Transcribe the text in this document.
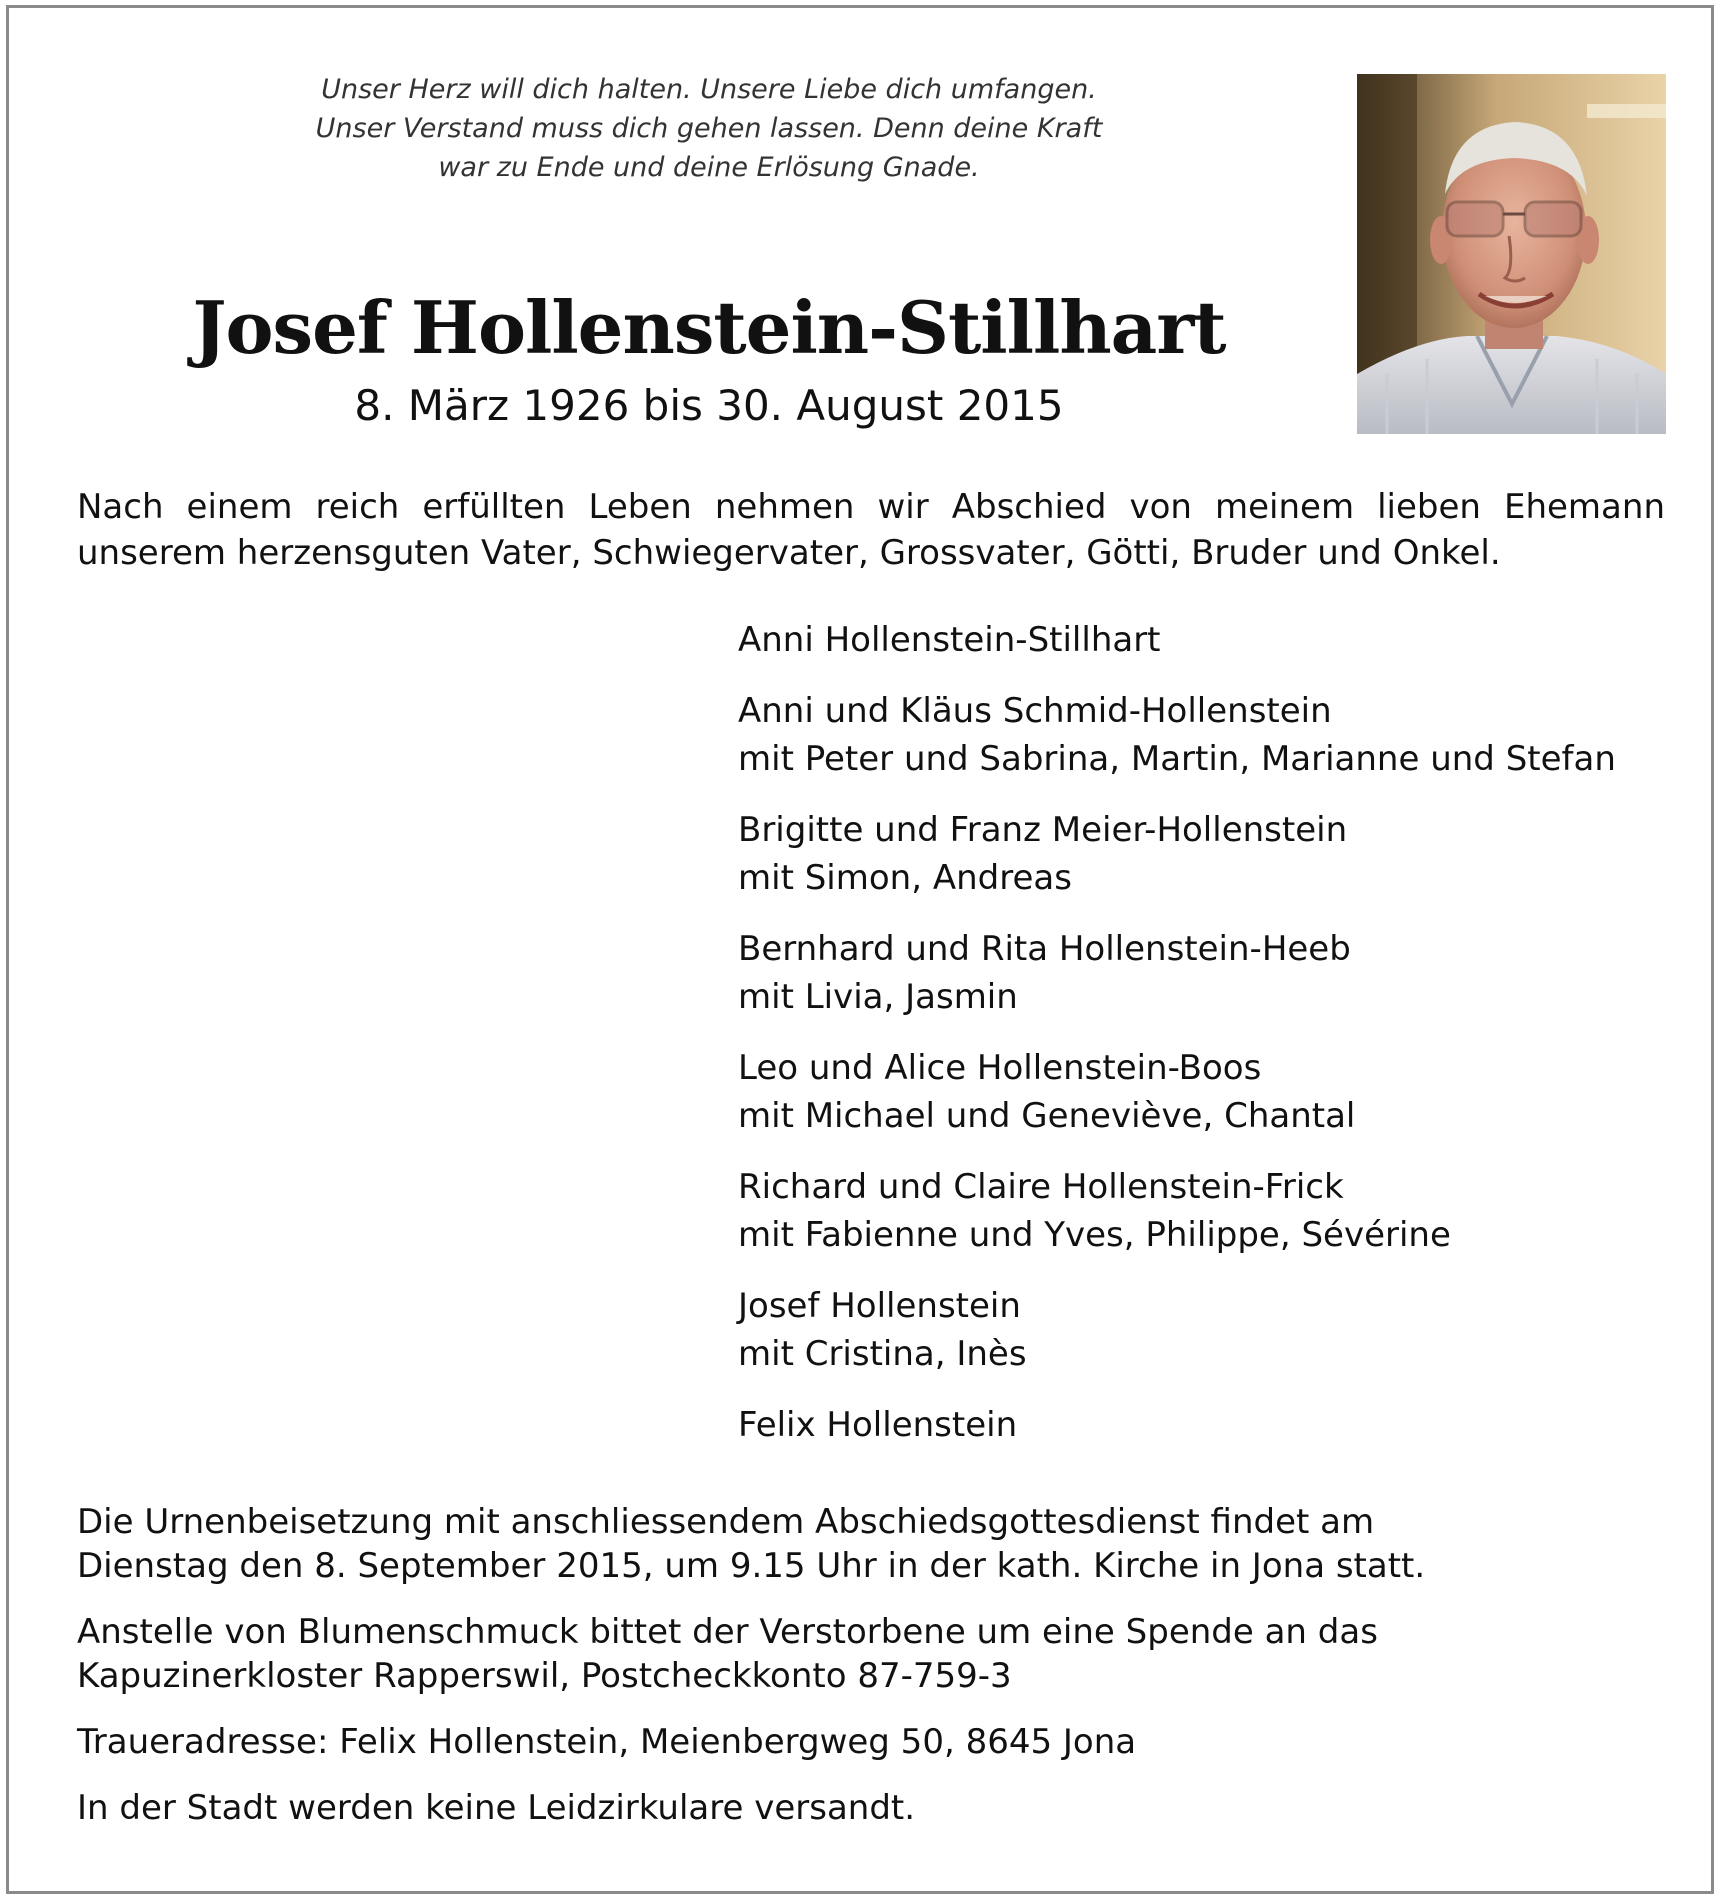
Unser Herz will dich halten. Unsere Liebe dich umfangen.
Unser Verstand muss dich gehen lassen. Denn deine Kraft
war zu Ende und deine Erlösung Gnade.
Josef Hollenstein-Stillhart
8. März 1926 bis 30. August 2015
Nach einem reich erfüllten Leben nehmen wir Abschied von meinem lieben Ehemann
unserem herzensguten Vater, Schwiegervater, Grossvater, Götti, Bruder und Onkel.
Anni Hollenstein-Stillhart
Anni und Kläus Schmid-Hollenstein
mit Peter und Sabrina, Martin, Marianne und Stefan
Brigitte und Franz Meier-Hollenstein
mit Simon, Andreas
Bernhard und Rita Hollenstein-Heeb
mit Livia, Jasmin
Leo und Alice Hollenstein-Boos
mit Michael und Geneviève, Chantal
Richard und Claire Hollenstein-Frick
mit Fabienne und Yves, Philippe, Sévérine
Josef Hollenstein
mit Cristina, Inès
Felix Hollenstein
Die Urnenbeisetzung mit anschliessendem Abschiedsgottesdienst findet am
Dienstag den 8. September 2015, um 9.15 Uhr in der kath. Kirche in Jona statt.
Anstelle von Blumenschmuck bittet der Verstorbene um eine Spende an das
Kapuzinerkloster Rapperswil, Postcheckkonto 87-759-3
Traueradresse: Felix Hollenstein, Meienbergweg 50, 8645 Jona
In der Stadt werden keine Leidzirkulare versandt.
